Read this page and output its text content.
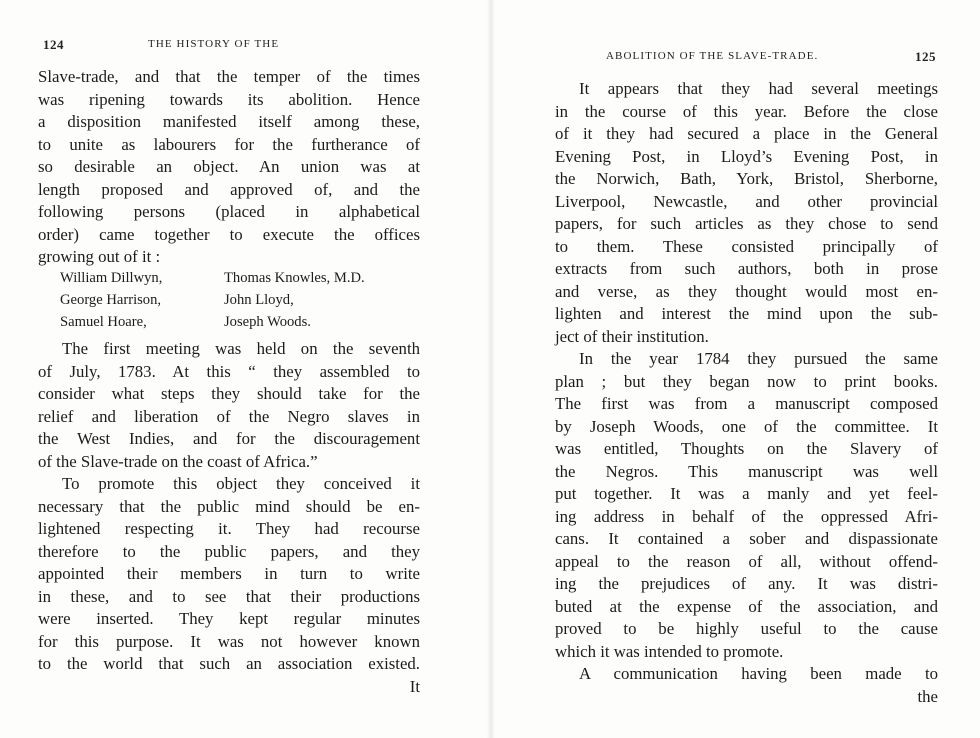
124	THE HISTORY OF THE
Slave-trade, and that the temper of the times
was ripening towards its abolition. Hence
a disposition manifested itself among these,
to unite as labourers for the furtherance of
so desirable an object. An union was at
length proposed and approved of, and the
following persons (placed in alphabetical
order) came together to execute the offices
growing out of it :
William Dillwyn,	Thomas Knowles, M.D.
George Harrison,	John Lloyd,
Samuel Hoare,	Joseph Woods.
The first meeting was held on the seventh
of July, 1783. At this “ they assembled to
consider what steps they should take for the
relief and liberation of the Negro slaves in
the West Indies, and for the discouragement
of the Slave-trade on the coast of Africa.”
To promote this object they conceived it
necessary that the public mind should be en-
lightened respecting it. They had recourse
therefore to the public papers, and they
appointed their members in turn to write
in these, and to see that their productions
were inserted. They kept regular minutes
for this purpose. It was not however known
to the world that such an association existed.
It
ABOLITION OF THE SLAVE-TRADE.	125
It appears that they had several meetings
in the course of this year. Before the close
of it they had secured a place in the General
Evening Post, in Lloyd’s Evening Post, in
the Norwich, Bath, York, Bristol, Sherborne,
Liverpool, Newcastle, and other provincial
papers, for such articles as they chose to send
to them. These consisted principally of
extracts from such authors, both in prose
and verse, as they thought would most en-
lighten and interest the mind upon the sub-
ject of their institution.
In the year 1784 they pursued the same
plan ; but they began now to print books.
The first was from a manuscript composed
by Joseph Woods, one of the committee. It
was entitled, Thoughts on the Slavery of
the Negros. This manuscript was well
put together. It was a manly and yet feel-
ing address in behalf of the oppressed Afri-
cans. It contained a sober and dispassionate
appeal to the reason of all, without offend-
ing the prejudices of any. It was distri-
buted at the expense of the association, and
proved to be highly useful to the cause
which it was intended to promote.
A communication having been made to
the
